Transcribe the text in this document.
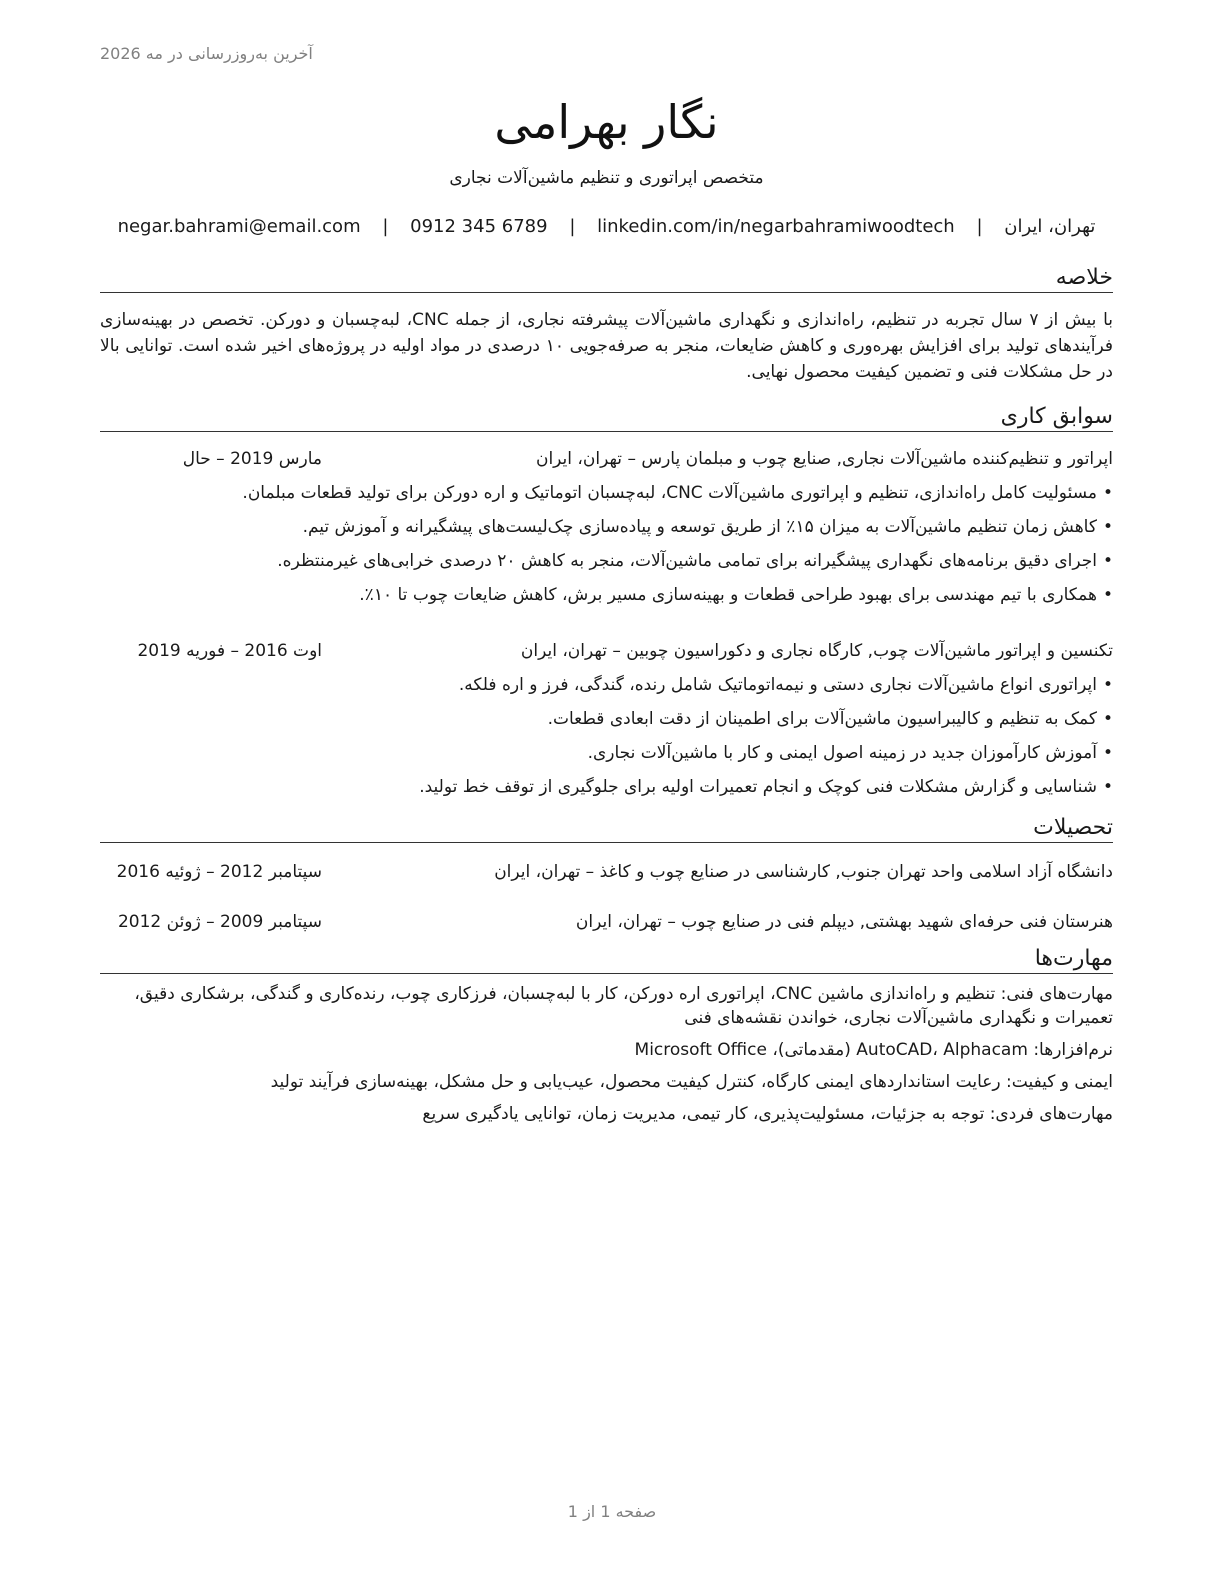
آخرین به‌روزرسانی در مه 2026
نگار بهرامی
متخصص اپراتوری و تنظیم ماشین‌آلات نجاری
تهران، ایران | negar.bahrami@email.com | 0912 345 6789 | linkedin.com/in/negarbahramiwoodtech
خلاصه
با بیش از ۷ سال تجربه در تنظیم، راه‌اندازی و نگهداری ماشین‌آلات پیشرفته نجاری، از جمله CNC، لبه‌چسبان و دورکن. تخصص در بهینه‌سازی فرآیندهای تولید برای افزایش بهره‌وری و کاهش ضایعات، منجر به صرفه‌جویی ۱۰ درصدی در مواد اولیه در پروژه‌های اخیر شده است. توانایی بالا در حل مشکلات فنی و تضمین کیفیت محصول نهایی.
سوابق کاری
اپراتور و تنظیم‌کننده ماشین‌آلات نجاری, صنایع چوب و مبلمان پارس – تهران، ایران
مارس 2019 – حال
• مسئولیت کامل راه‌اندازی، تنظیم و اپراتوری ماشین‌آلات CNC، لبه‌چسبان اتوماتیک و اره دورکن برای تولید قطعات مبلمان.
• کاهش زمان تنظیم ماشین‌آلات به میزان ۱۵٪ از طریق توسعه و پیاده‌سازی چک‌لیست‌های پیشگیرانه و آموزش تیم.
• اجرای دقیق برنامه‌های نگهداری پیشگیرانه برای تمامی ماشین‌آلات، منجر به کاهش ۲۰ درصدی خرابی‌های غیرمنتظره.
• همکاری با تیم مهندسی برای بهبود طراحی قطعات و بهینه‌سازی مسیر برش، کاهش ضایعات چوب تا ۱۰٪.
تکنسین و اپراتور ماشین‌آلات چوب, کارگاه نجاری و دکوراسیون چوبین – تهران، ایران
اوت 2016 – فوریه 2019
• اپراتوری انواع ماشین‌آلات نجاری دستی و نیمه‌اتوماتیک شامل رنده، گندگی، فرز و اره فلکه.
• کمک به تنظیم و کالیبراسیون ماشین‌آلات برای اطمینان از دقت ابعادی قطعات.
• آموزش کارآموزان جدید در زمینه اصول ایمنی و کار با ماشین‌آلات نجاری.
• شناسایی و گزارش مشکلات فنی کوچک و انجام تعمیرات اولیه برای جلوگیری از توقف خط تولید.
تحصیلات
دانشگاه آزاد اسلامی واحد تهران جنوب, کارشناسی در صنایع چوب و کاغذ – تهران، ایران
سپتامبر 2012 – ژوئیه 2016
هنرستان فنی حرفه‌ای شهید بهشتی, دیپلم فنی در صنایع چوب – تهران، ایران
سپتامبر 2009 – ژوئن 2012
مهارت‌ها
مهارت‌های فنی: تنظیم و راه‌اندازی ماشین CNC، اپراتوری اره دورکن، کار با لبه‌چسبان، فرزکاری چوب، رنده‌کاری و گندگی، برشکاری دقیق، تعمیرات و نگهداری ماشین‌آلات نجاری، خواندن نقشه‌های فنی
نرم‌افزارها: AutoCAD، Alphacam (مقدماتی)، Microsoft Office
ایمنی و کیفیت: رعایت استانداردهای ایمنی کارگاه، کنترل کیفیت محصول، عیب‌یابی و حل مشکل، بهینه‌سازی فرآیند تولید
مهارت‌های فردی: توجه به جزئیات، مسئولیت‌پذیری، کار تیمی، مدیریت زمان، توانایی یادگیری سریع
صفحه 1 از 1
